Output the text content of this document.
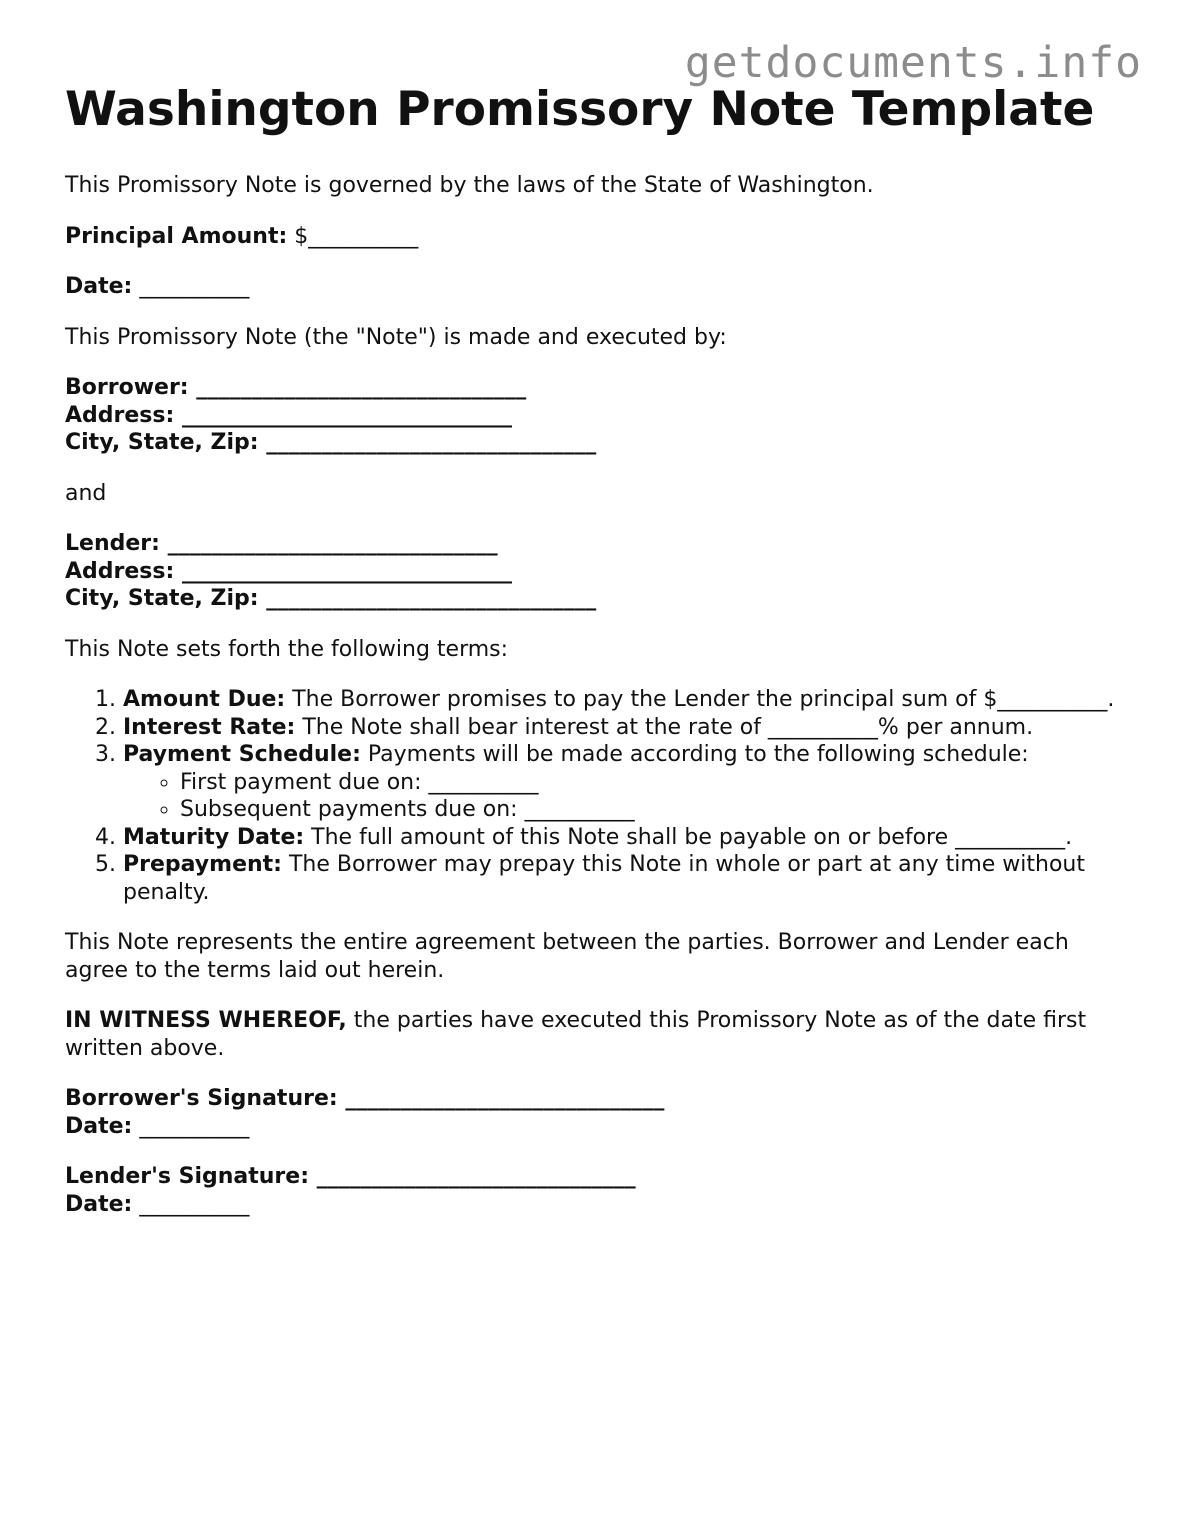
getdocuments.info
Washington Promissory Note Template

This Promissory Note is governed by the laws of the State of Washington.

Principal Amount: $__________

Date: __________

This Promissory Note (the "Note") is made and executed by:

Borrower: ______________________________
Address: ______________________________
City, State, Zip: ______________________________

and

Lender: ______________________________
Address: ______________________________
City, State, Zip: ______________________________

This Note sets forth the following terms:

1. Amount Due: The Borrower promises to pay the Lender the principal sum of $__________.
2. Interest Rate: The Note shall bear interest at the rate of __________% per annum.
3. Payment Schedule: Payments will be made according to the following schedule:
◦ First payment due on: __________
◦ Subsequent payments due on: __________
4. Maturity Date: The full amount of this Note shall be payable on or before __________.
5. Prepayment: The Borrower may prepay this Note in whole or part at any time without penalty.

This Note represents the entire agreement between the parties. Borrower and Lender each agree to the terms laid out herein.

IN WITNESS WHEREOF, the parties have executed this Promissory Note as of the date first written above.

Borrower's Signature: _____________________________
Date: __________
Lender's Signature: _____________________________
Date: __________
